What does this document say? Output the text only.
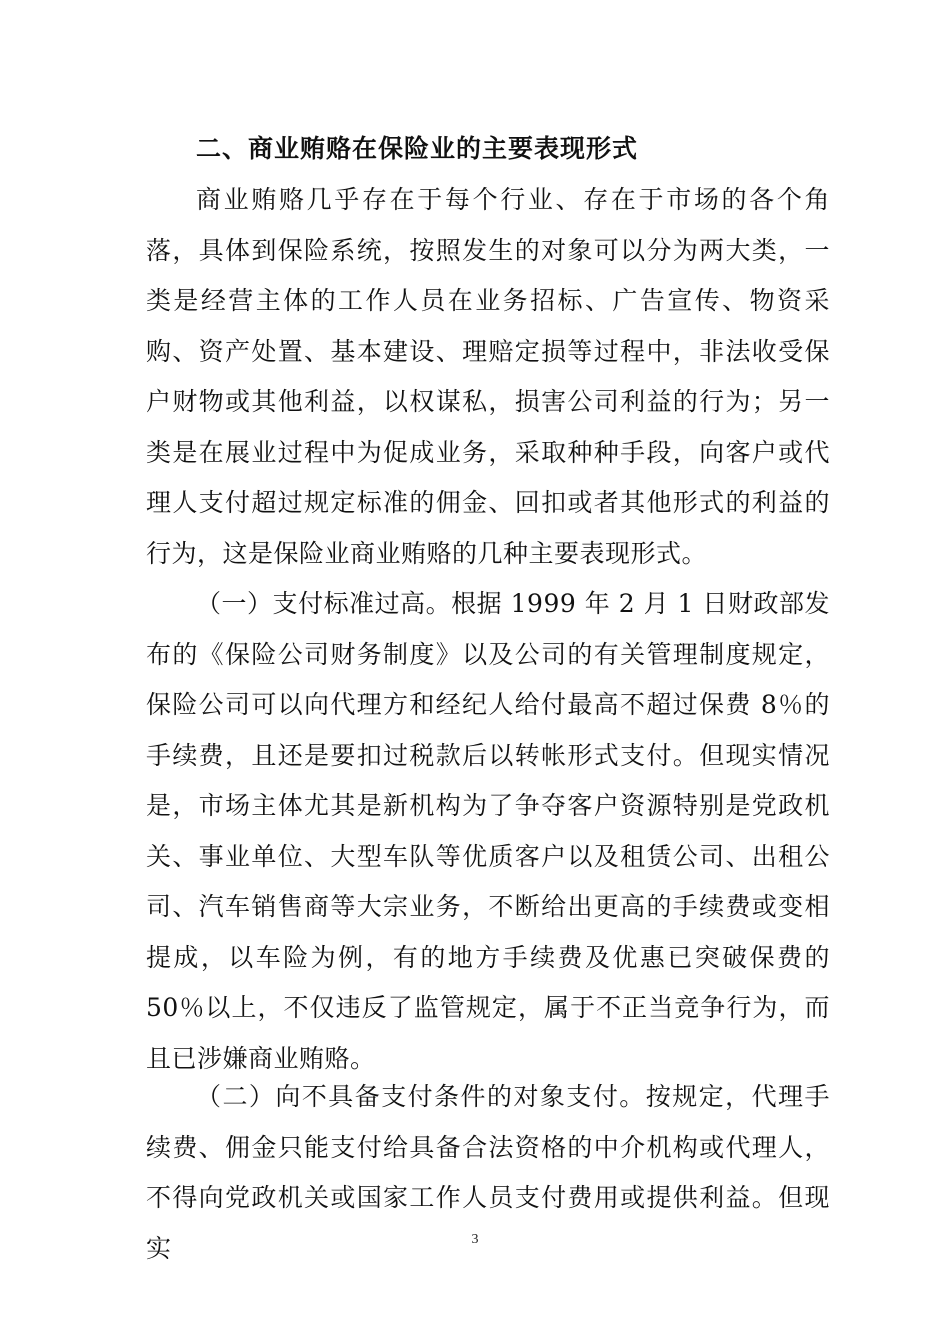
二、商业贿赂在保险业的主要表现形式

商业贿赂几乎存在于每个行业、存在于市场的各个角落，具体到保险系统，按照发生的对象可以分为两大类，一类是经营主体的工作人员在业务招标、广告宣传、物资采购、资产处置、基本建设、理赔定损等过程中，非法收受保户财物或其他利益，以权谋私，损害公司利益的行为；另一类是在展业过程中为促成业务，采取种种手段，向客户或代理人支付超过规定标准的佣金、回扣或者其他形式的利益的行为，这是保险业商业贿赂的几种主要表现形式。

（一）支付标准过高。根据 1999 年 2 月 1 日财政部发布的《保险公司财务制度》以及公司的有关管理制度规定，保险公司可以向代理方和经纪人给付最高不超过保费 8％的手续费，且还是要扣过税款后以转帐形式支付。但现实情况是，市场主体尤其是新机构为了争夺客户资源特别是党政机关、事业单位、大型车队等优质客户以及租赁公司、出租公司、汽车销售商等大宗业务，不断给出更高的手续费或变相提成，以车险为例，有的地方手续费及优惠已突破保费的 50％以上，不仅违反了监管规定，属于不正当竞争行为，而且已涉嫌商业贿赂。

（二）向不具备支付条件的对象支付。按规定，代理手续费、佣金只能支付给具备合法资格的中介机构或代理人，不得向党政机关或国家工作人员支付费用或提供利益。但现实	3
